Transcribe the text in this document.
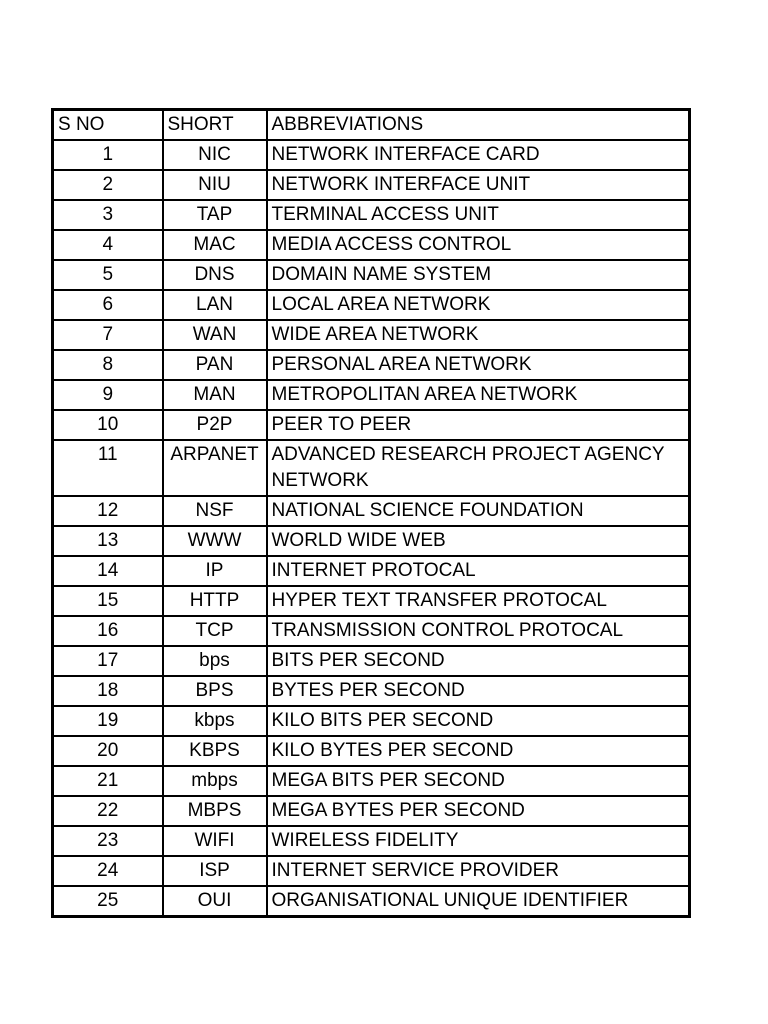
S NO	SHORT	ABBREVIATIONS
1	NIC	NETWORK INTERFACE CARD
2	NIU	NETWORK INTERFACE UNIT
3	TAP	TERMINAL ACCESS UNIT
4	MAC	MEDIA ACCESS CONTROL
5	DNS	DOMAIN NAME SYSTEM
6	LAN	LOCAL AREA NETWORK
7	WAN	WIDE AREA NETWORK
8	PAN	PERSONAL AREA NETWORK
9	MAN	METROPOLITAN AREA NETWORK
10	P2P	PEER TO PEER
11	ARPANET	ADVANCED RESEARCH PROJECT AGENCY NETWORK
12	NSF	NATIONAL SCIENCE FOUNDATION
13	WWW	WORLD WIDE WEB
14	IP	INTERNET PROTOCAL
15	HTTP	HYPER TEXT TRANSFER PROTOCAL
16	TCP	TRANSMISSION CONTROL PROTOCAL
17	bps	BITS PER SECOND
18	BPS	BYTES PER SECOND
19	kbps	KILO BITS PER SECOND
20	KBPS	KILO BYTES PER SECOND
21	mbps	MEGA BITS PER SECOND
22	MBPS	MEGA BYTES PER SECOND
23	WIFI	WIRELESS FIDELITY
24	ISP	INTERNET SERVICE PROVIDER
25	OUI	ORGANISATIONAL UNIQUE IDENTIFIER
